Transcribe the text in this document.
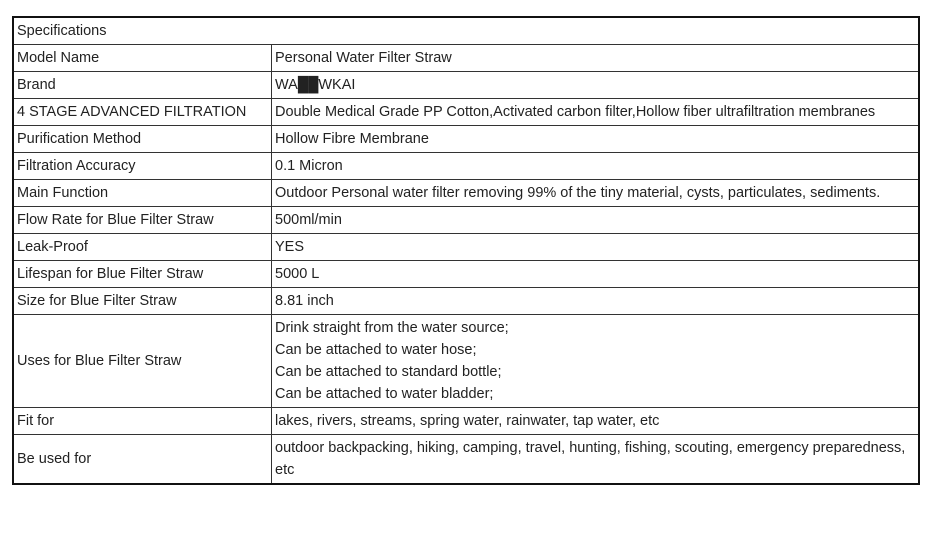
Specifications	
Model Name	Personal Water Filter Straw
Brand	WA██WKAI
4 STAGE ADVANCED FILTRATION	Double Medical Grade PP Cotton,Activated carbon filter,Hollow fiber ultrafiltration membranes
Purification Method	Hollow Fibre Membrane
Filtration Accuracy	0.1 Micron
Main Function	Outdoor Personal water filter removing 99% of the tiny material, cysts, particulates, sediments.
Flow Rate for Blue Filter Straw	500ml/min
Leak-Proof	YES
Lifespan for Blue Filter Straw	5000 L
Size for Blue Filter Straw	8.81 inch
Uses for Blue Filter Straw	Drink straight from the water source;
Can be attached to water hose;
Can be attached to standard bottle;
Can be attached to water bladder;

Fit for	lakes, rivers, streams, spring water, rainwater, tap water, etc
Be used for	outdoor backpacking, hiking, camping, travel, hunting, fishing, scouting, emergency preparedness, etc
